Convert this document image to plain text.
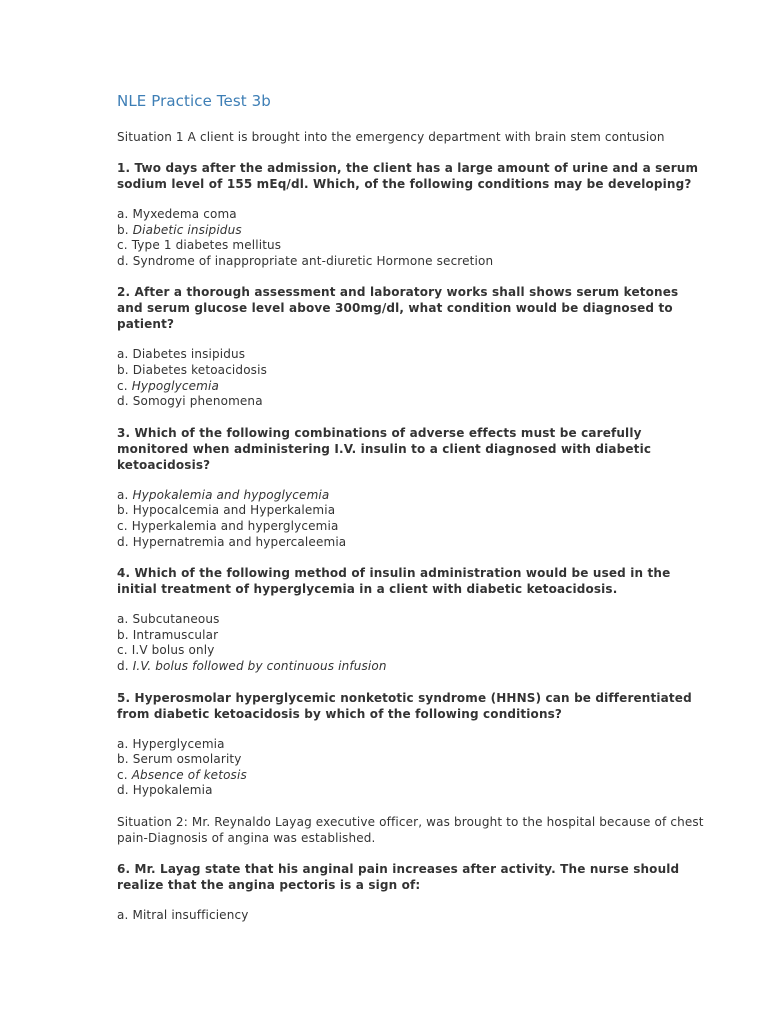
NLE Practice Test 3b

Situation 1 A client is brought into the emergency department with brain stem contusion

1. Two days after the admission, the client has a large amount of urine and a serum sodium level of 155 mEq/dl. Which, of the following conditions may be developing?

a. Myxedema coma
b. Diabetic insipidus
c. Type 1 diabetes mellitus
d. Syndrome of inappropriate ant-diuretic Hormone secretion

2. After a thorough assessment and laboratory works shall shows serum ketones and serum glucose level above 300mg/dl, what condition would be diagnosed to patient?

a. Diabetes insipidus
b. Diabetes ketoacidosis
c. Hypoglycemia
d. Somogyi phenomena

3. Which of the following combinations of adverse effects must be carefully monitored when administering I.V. insulin to a client diagnosed with diabetic ketoacidosis?

a. Hypokalemia and hypoglycemia
b. Hypocalcemia and Hyperkalemia
c. Hyperkalemia and hyperglycemia
d. Hypernatremia and hypercaleemia

4. Which of the following method of insulin administration would be used in the initial treatment of hyperglycemia in a client with diabetic ketoacidosis.

a. Subcutaneous
b. Intramuscular
c. I.V bolus only
d. I.V. bolus followed by continuous infusion

5. Hyperosmolar hyperglycemic nonketotic syndrome (HHNS) can be differentiated from diabetic ketoacidosis by which of the following conditions?

a. Hyperglycemia
b. Serum osmolarity
c. Absence of ketosis
d. Hypokalemia

Situation 2: Mr. Reynaldo Layag executive officer, was brought to the hospital because of chest pain-Diagnosis of angina was established.

6. Mr. Layag state that his anginal pain increases after activity. The nurse should realize that the angina pectoris is a sign of:

a. Mitral insufficiency
